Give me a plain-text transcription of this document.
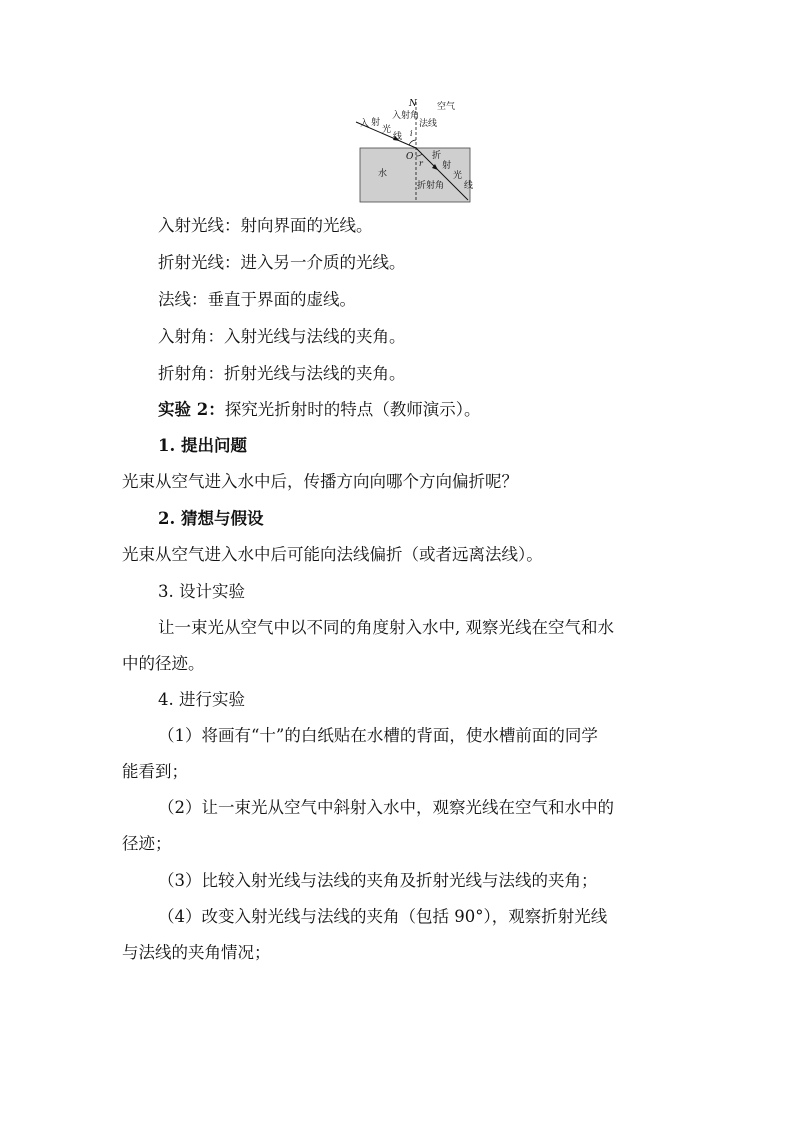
N 空气
入射角
法线
i
入 射
光
线
O
r
水
折
射
光
线
折射角
入射光线：射向界面的光线。
折射光线：进入另一介质的光线。
法线：垂直于界面的虚线。
入射角：入射光线与法线的夹角。
折射角：折射光线与法线的夹角。
实验 2：探究光折射时的特点（教师演示）。
1. 提出问题
光束从空气进入水中后，传播方向向哪个方向偏折呢？
2. 猜想与假设
光束从空气进入水中后可能向法线偏折（或者远离法线）。
3. 设计实验
让一束光从空气中以不同的角度射入水中, 观察光线在空气和水
中的径迹。
4. 进行实验
（1）将画有“十”的白纸贴在水槽的背面，使水槽前面的同学
能看到；
（2）让一束光从空气中斜射入水中，观察光线在空气和水中的
径迹；
（3）比较入射光线与法线的夹角及折射光线与法线的夹角；
（4）改变入射光线与法线的夹角（包括 90°），观察折射光线
与法线的夹角情况；
